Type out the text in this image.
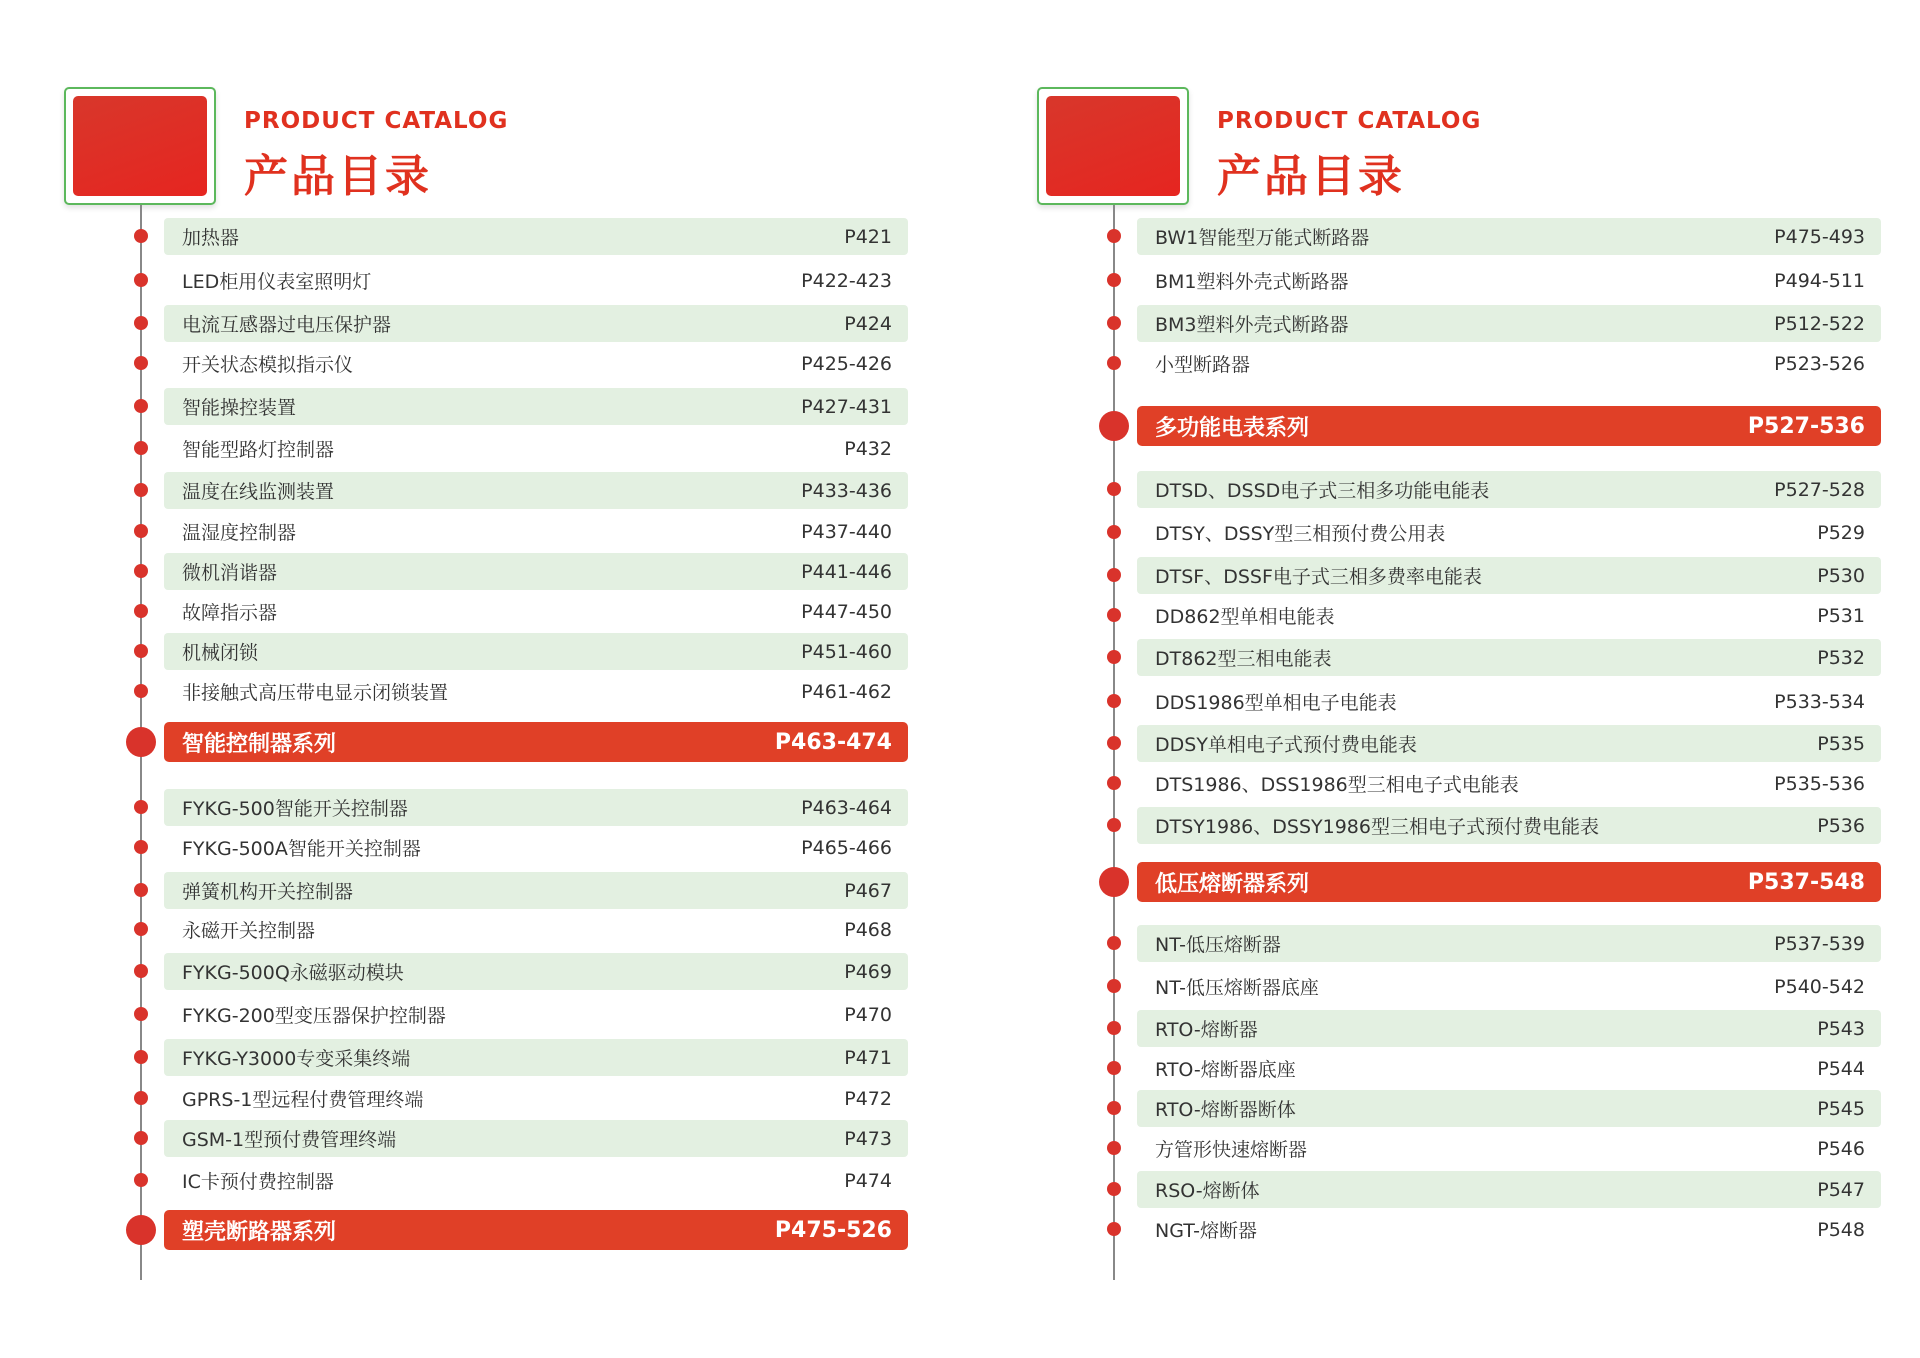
PRODUCT CATALOG
产品目录
加热器	P421
LED柜用仪表室照明灯	P422-423
电流互感器过电压保护器	P424
开关状态模拟指示仪	P425-426
智能操控装置	P427-431
智能型路灯控制器	P432
温度在线监测装置	P433-436
温湿度控制器	P437-440
微机消谐器	P441-446
故障指示器	P447-450
机械闭锁	P451-460
非接触式高压带电显示闭锁装置	P461-462
智能控制器系列	P463-474
FYKG-500智能开关控制器	P463-464
FYKG-500A智能开关控制器	P465-466
弹簧机构开关控制器	P467
永磁开关控制器	P468
FYKG-500Q永磁驱动模块	P469
FYKG-200型变压器保护控制器	P470
FYKG-Y3000专变采集终端	P471
GPRS-1型远程付费管理终端	P472
GSM-1型预付费管理终端	P473
IC卡预付费控制器	P474
塑壳断路器系列	P475-526
PRODUCT CATALOG
产品目录
BW1智能型万能式断路器	P475-493
BM1塑料外壳式断路器	P494-511
BM3塑料外壳式断路器	P512-522
小型断路器	P523-526
多功能电表系列	P527-536
DTSD、DSSD电子式三相多功能电能表	P527-528
DTSY、DSSY型三相预付费公用表	P529
DTSF、DSSF电子式三相多费率电能表	P530
DD862型单相电能表	P531
DT862型三相电能表	P532
DDS1986型单相电子电能表	P533-534
DDSY单相电子式预付费电能表	P535
DTS1986、DSS1986型三相电子式电能表	P535-536
DTSY1986、DSSY1986型三相电子式预付费电能表	P536
低压熔断器系列	P537-548
NT-低压熔断器	P537-539
NT-低压熔断器底座	P540-542
RTO-熔断器	P543
RTO-熔断器底座	P544
RTO-熔断器断体	P545
方管形快速熔断器	P546
RSO-熔断体	P547
NGT-熔断器	P548
